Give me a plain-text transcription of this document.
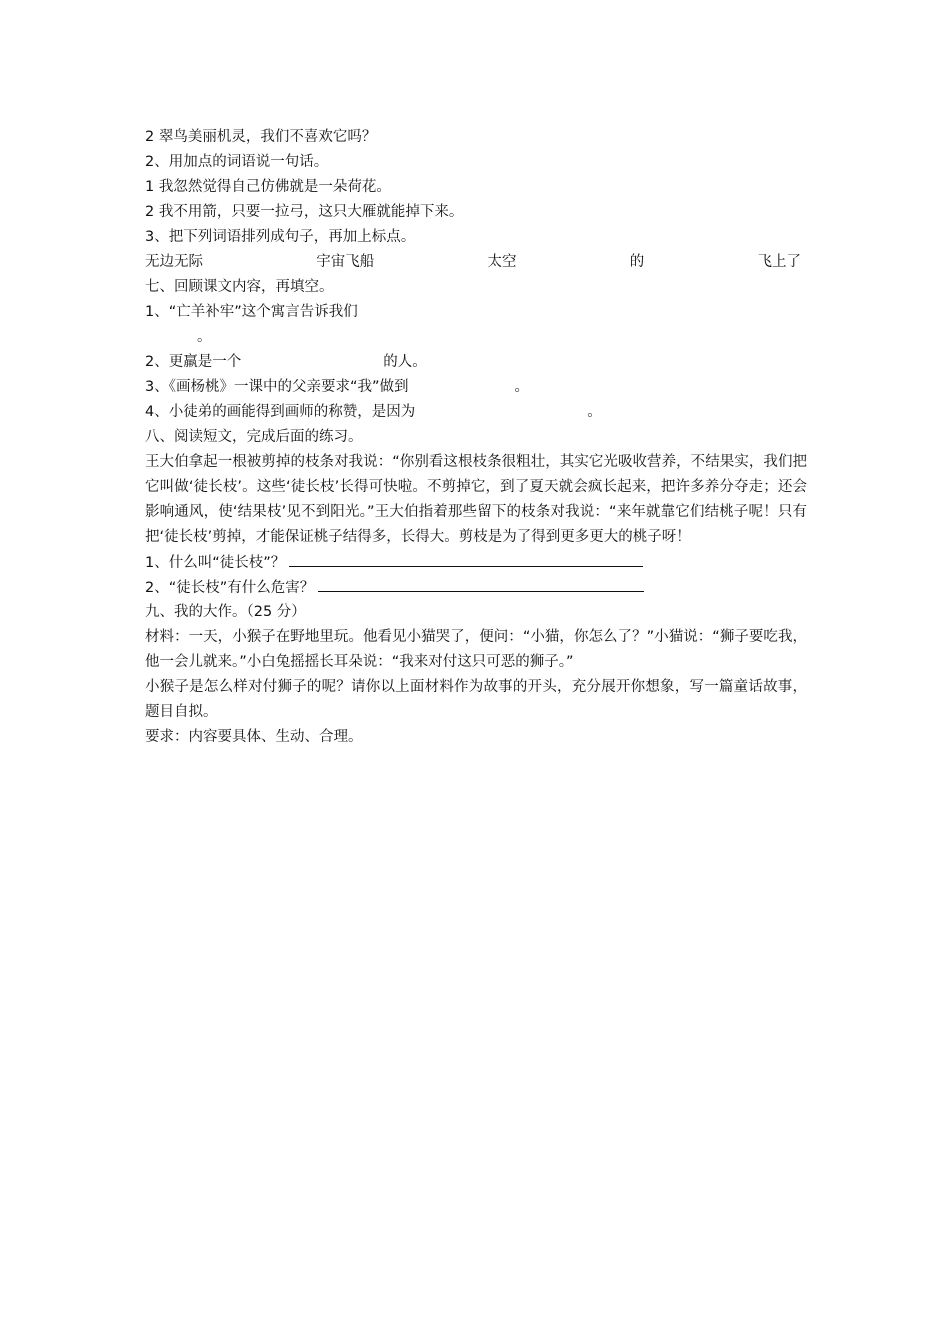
2 翠鸟美丽机灵，我们不喜欢它吗？
2、用加点的词语说一句话。
1 我忽然觉得自己仿佛就是一朵荷花。
2 我不用箭，只要一拉弓，这只大雁就能掉下来。
3、把下列词语排列成句子，再加上标点。
无边无际	宇宙飞船	太空	的	飞上了
七、回顾课文内容，再填空。
1、“亡羊补牢”这个寓言告诉我们
。
2、更羸是一个	的人。
3、《画杨桃》一课中的父亲要求“我”做到	。
4、小徒弟的画能得到画师的称赞，是因为	。
八、阅读短文，完成后面的练习。
王大伯拿起一根被剪掉的枝条对我说：“你别看这根枝条很粗壮，其实它光吸收营养，不结果实，我们把它叫做‘徒长枝’。这些‘徒长枝’长得可快啦。不剪掉它，到了夏天就会疯长起来，把许多养分夺走；还会影响通风，使‘结果枝’见不到阳光。”王大伯指着那些留下的枝条对我说：“来年就靠它们结桃子呢！只有把‘徒长枝’剪掉，才能保证桃子结得多，长得大。剪枝是为了得到更多更大的桃子呀！
1、什么叫“徒长枝”？
2、“徒长枝”有什么危害？
九、我的大作。（25 分）
材料：一天，小猴子在野地里玩。他看见小猫哭了，便问：“小猫，你怎么了？”小猫说：“狮子要吃我，他一会儿就来。”小白兔摇摇长耳朵说：“我来对付这只可恶的狮子。”
小猴子是怎么样对付狮子的呢？请你以上面材料作为故事的开头，充分展开你想象，写一篇童话故事，题目自拟。
要求：内容要具体、生动、合理。
